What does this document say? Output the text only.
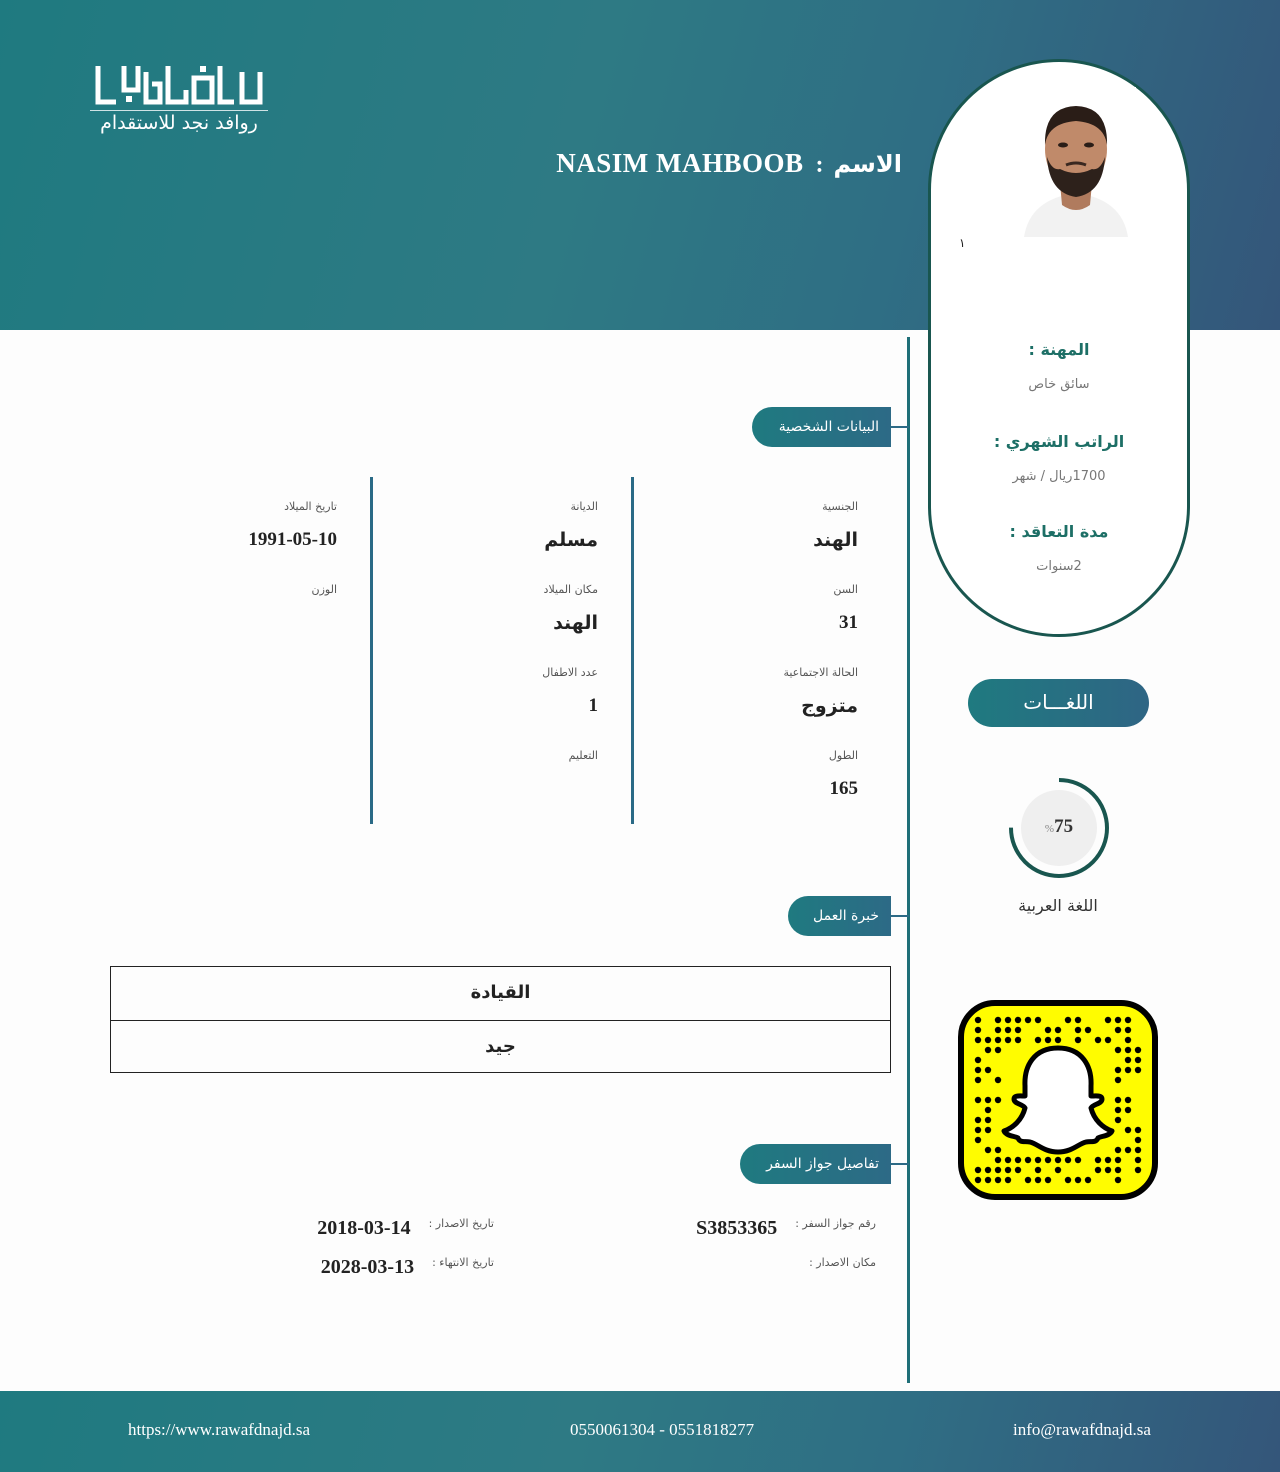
روافد نجد للاستقدام
الاسم:NASIM MAHBOOB
١
المهنة :
سائق خاص
الراتب الشهري :
1700ريال / شهر
مدة التعاقد :
2سنوات
اللغـــات
%75
اللغة العربية
البيانات الشخصية
الجنسية
الهند
السن
31
الحالة الاجتماعية
متزوج
الطول
165
الديانة
مسلم
مكان الميلاد
الهند
عدد الاطفال
1
التعليم
تاريخ الميلاد
1991-05-10
الوزن
خبرة العمل
القيادة
جيد
تفاصيل جواز السفر
رقم جواز السفر :S3853365
مكان الاصدار :
تاريخ الاصدار :2018-03-14
تاريخ الانتهاء :2028-03-13
https://www.rawafdnajd.sa	0550061304 - 0551818277	info@rawafdnajd.sa
